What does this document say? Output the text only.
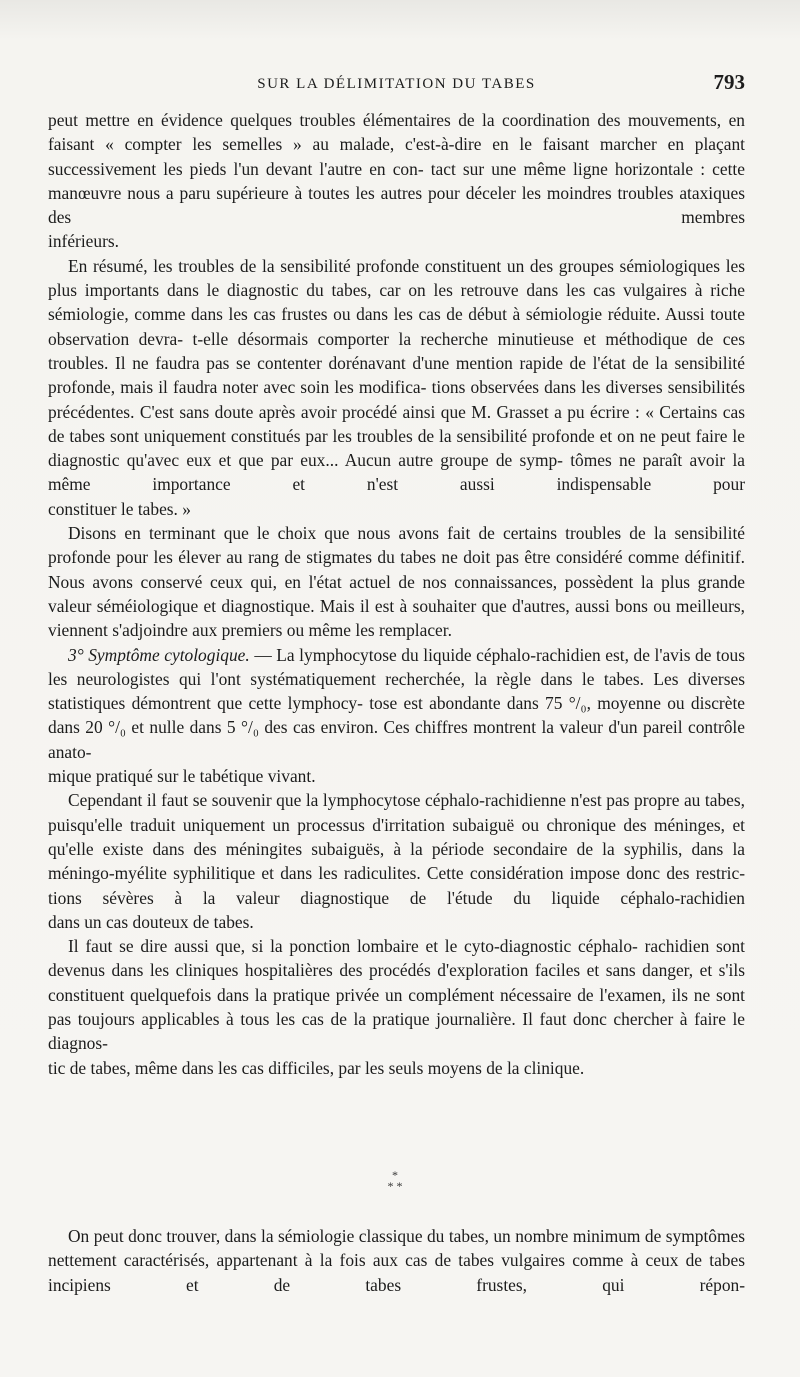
SUR LA DÉLIMITATION DU TABES	793

peut mettre en évidence quelques troubles élémentaires de la coordination des mouvements, en faisant « compter les semelles » au malade, c'est-à-dire en le faisant marcher en plaçant successivement les pieds l'un devant l'autre en con- tact sur une même ligne horizontale : cette manœuvre nous a paru supérieure à toutes les autres pour déceler les moindres troubles ataxiques des membres

inférieurs.

En résumé, les troubles de la sensibilité profonde constituent un des groupes sémiologiques les plus importants dans le diagnostic du tabes, car on les retrouve dans les cas vulgaires à riche sémiologie, comme dans les cas frustes ou dans les cas de début à sémiologie réduite. Aussi toute observation devra- t-elle désormais comporter la recherche minutieuse et méthodique de ces troubles. Il ne faudra pas se contenter dorénavant d'une mention rapide de l'état de la sensibilité profonde, mais il faudra noter avec soin les modifica- tions observées dans les diverses sensibilités précédentes. C'est sans doute après avoir procédé ainsi que M. Grasset a pu écrire : « Certains cas de tabes sont uniquement constitués par les troubles de la sensibilité profonde et on ne peut faire le diagnostic qu'avec eux et que par eux... Aucun autre groupe de symp- tômes ne paraît avoir la même importance et n'est aussi indispensable pour

constituer le tabes. »

Disons en terminant que le choix que nous avons fait de certains troubles de la sensibilité profonde pour les élever au rang de stigmates du tabes ne doit pas être considéré comme définitif. Nous avons conservé ceux qui, en l'état actuel de nos connaissances, possèdent la plus grande valeur séméiologique et diagnostique. Mais il est à souhaiter que d'autres, aussi bons ou meilleurs,

viennent s'adjoindre aux premiers ou même les remplacer.

3° Symptôme cytologique. — La lymphocytose du liquide céphalo-rachidien est, de l'avis de tous les neurologistes qui l'ont systématiquement recherchée, la règle dans le tabes. Les diverses statistiques démontrent que cette lymphocy- tose est abondante dans 75 °/₀, moyenne ou discrète dans 20 °/₀ et nulle dans 5 °/₀ des cas environ. Ces chiffres montrent la valeur d'un pareil contrôle anato-

mique pratiqué sur le tabétique vivant.

Cependant il faut se souvenir que la lymphocytose céphalo-rachidienne n'est pas propre au tabes, puisqu'elle traduit uniquement un processus d'irritation subaiguë ou chronique des méninges, et qu'elle existe dans des méningites subaiguës, à la période secondaire de la syphilis, dans la méningo-myélite syphilitique et dans les radiculites. Cette considération impose donc des restric- tions sévères à la valeur diagnostique de l'étude du liquide céphalo-rachidien

dans un cas douteux de tabes.

Il faut se dire aussi que, si la ponction lombaire et le cyto-diagnostic céphalo- rachidien sont devenus dans les cliniques hospitalières des procédés d'exploration faciles et sans danger, et s'ils constituent quelquefois dans la pratique privée un complément nécessaire de l'examen, ils ne sont pas toujours applicables à tous les cas de la pratique journalière. Il faut donc chercher à faire le diagnos-

tic de tabes, même dans les cas difficiles, par les seuls moyens de la clinique.

*
* *

On peut donc trouver, dans la sémiologie classique du tabes, un nombre minimum de symptômes nettement caractérisés, appartenant à la fois aux cas de tabes vulgaires comme à ceux de tabes incipiens et de tabes frustes, qui répon-
